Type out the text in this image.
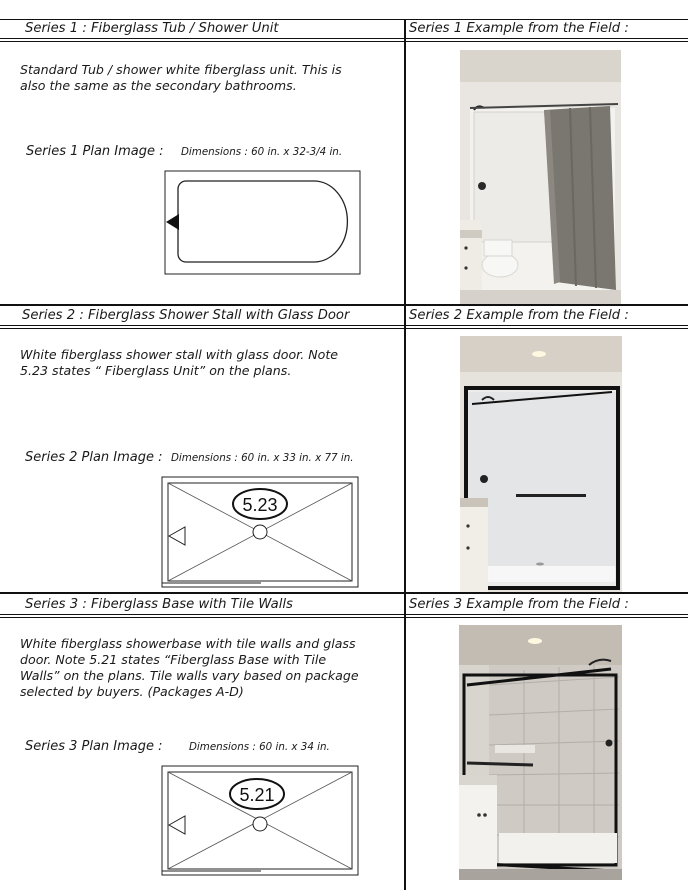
Series 1 : Fiberglass Tub / Shower Unit	Series 1 Example from the Field :
Standard Tub / shower white fiberglass unit. This is also the same as the secondary bathrooms.
Series 1 Plan Image : Dimensions : 60 in. x 32-3/4 in.
Series 2 : Fiberglass Shower Stall with Glass Door	Series 2 Example from the Field :
White fiberglass shower stall with glass door. Note 5.23 states “ Fiberglass Unit” on the plans.
Series 2 Plan Image : Dimensions : 60 in. x 33 in. x 77 in.
5.23
Series 3 : Fiberglass Base with Tile Walls	Series 3 Example from the Field :
White fiberglass showerbase with tile walls and glass door. Note 5.21 states “Fiberglass Base with Tile Walls” on the plans. Tile walls vary based on package selected by buyers. (Packages A-D)
Series 3 Plan Image :	Dimensions : 60 in. x 34 in.
5.21
